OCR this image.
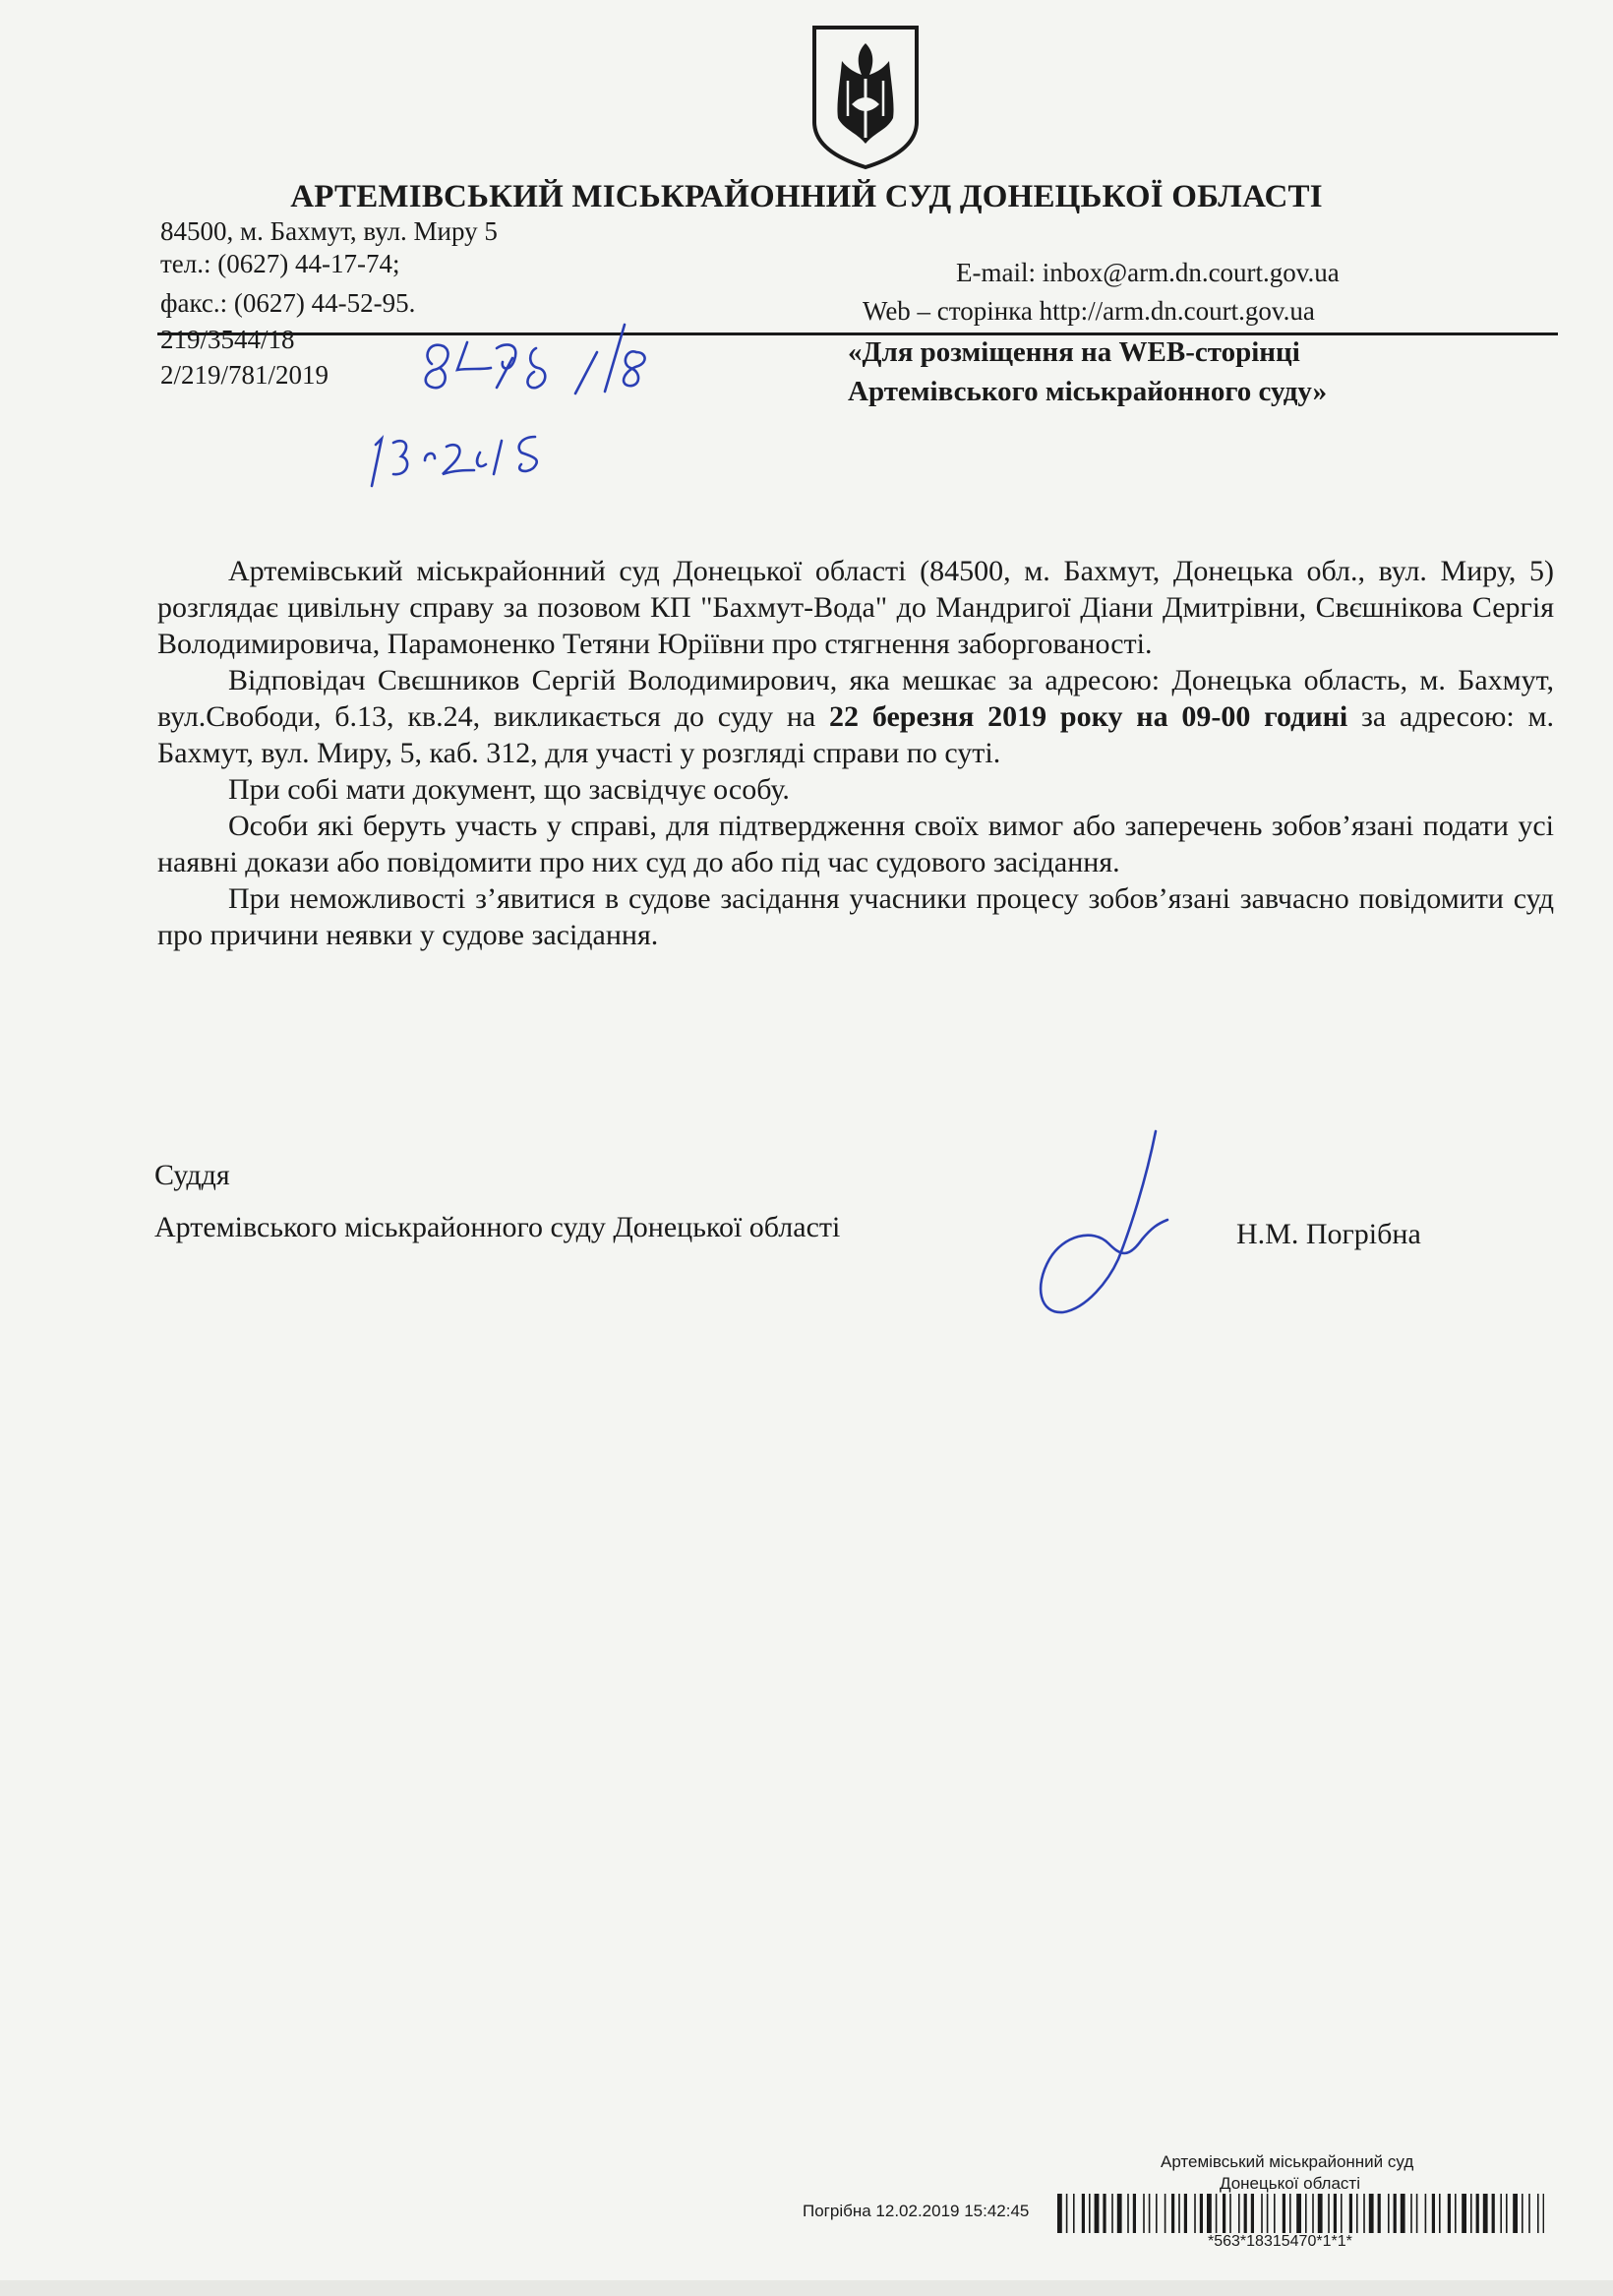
АРТЕМІВСЬКИЙ МІСЬКРАЙОННИЙ СУД ДОНЕЦЬКОЇ ОБЛАСТІ
84500, м. Бахмут, вул. Миру 5
тел.: (0627) 44-17-74;
факс.: (0627) 44-52-95.
E-mail: inbox@arm.dn.court.gov.ua
Web – сторінка http://arm.dn.court.gov.ua
219/3544/18
2/219/781/2019
«Для розміщення на WEB-сторінці
Артемівського міськрайонного суду»

Артемівський міськрайонний суд Донецької області (84500, м. Бахмут, Донецька обл., вул. Миру, 5) розглядає цивільну справу за позовом КП "Бахмут-Вода" до Мандригої Діани Дмитрівни, Свєшнікова Сергія Володимировича, Парамоненко Тетяни Юріївни про стягнення заборгованості.

Відповідач Свєшников Сергій Володимирович, яка мешкає за адресою: Донецька область, м. Бахмут, вул.Свободи, б.13, кв.24, викликається до суду на 22 березня 2019 року на 09-00 годині за адресою: м. Бахмут, вул. Миру, 5, каб. 312, для участі у розгляді справи по суті.

При собі мати документ, що засвідчує особу.

Особи які беруть участь у справі, для підтвердження своїх вимог або заперечень зобов’язані подати усі наявні докази або повідомити про них суд до або під час судового засідання.

При неможливості з’явитися в судове засідання учасники процесу зобов’язані завчасно повідомити суд про причини неявки у судове засідання.

Суддя
Артемівського міськрайонного суду Донецької області	Н.М. Погрібна
Артемівський міськрайонний суд
Донецької області
Погрібна 12.02.2019 15:42:45
*563*18315470*1*1*
